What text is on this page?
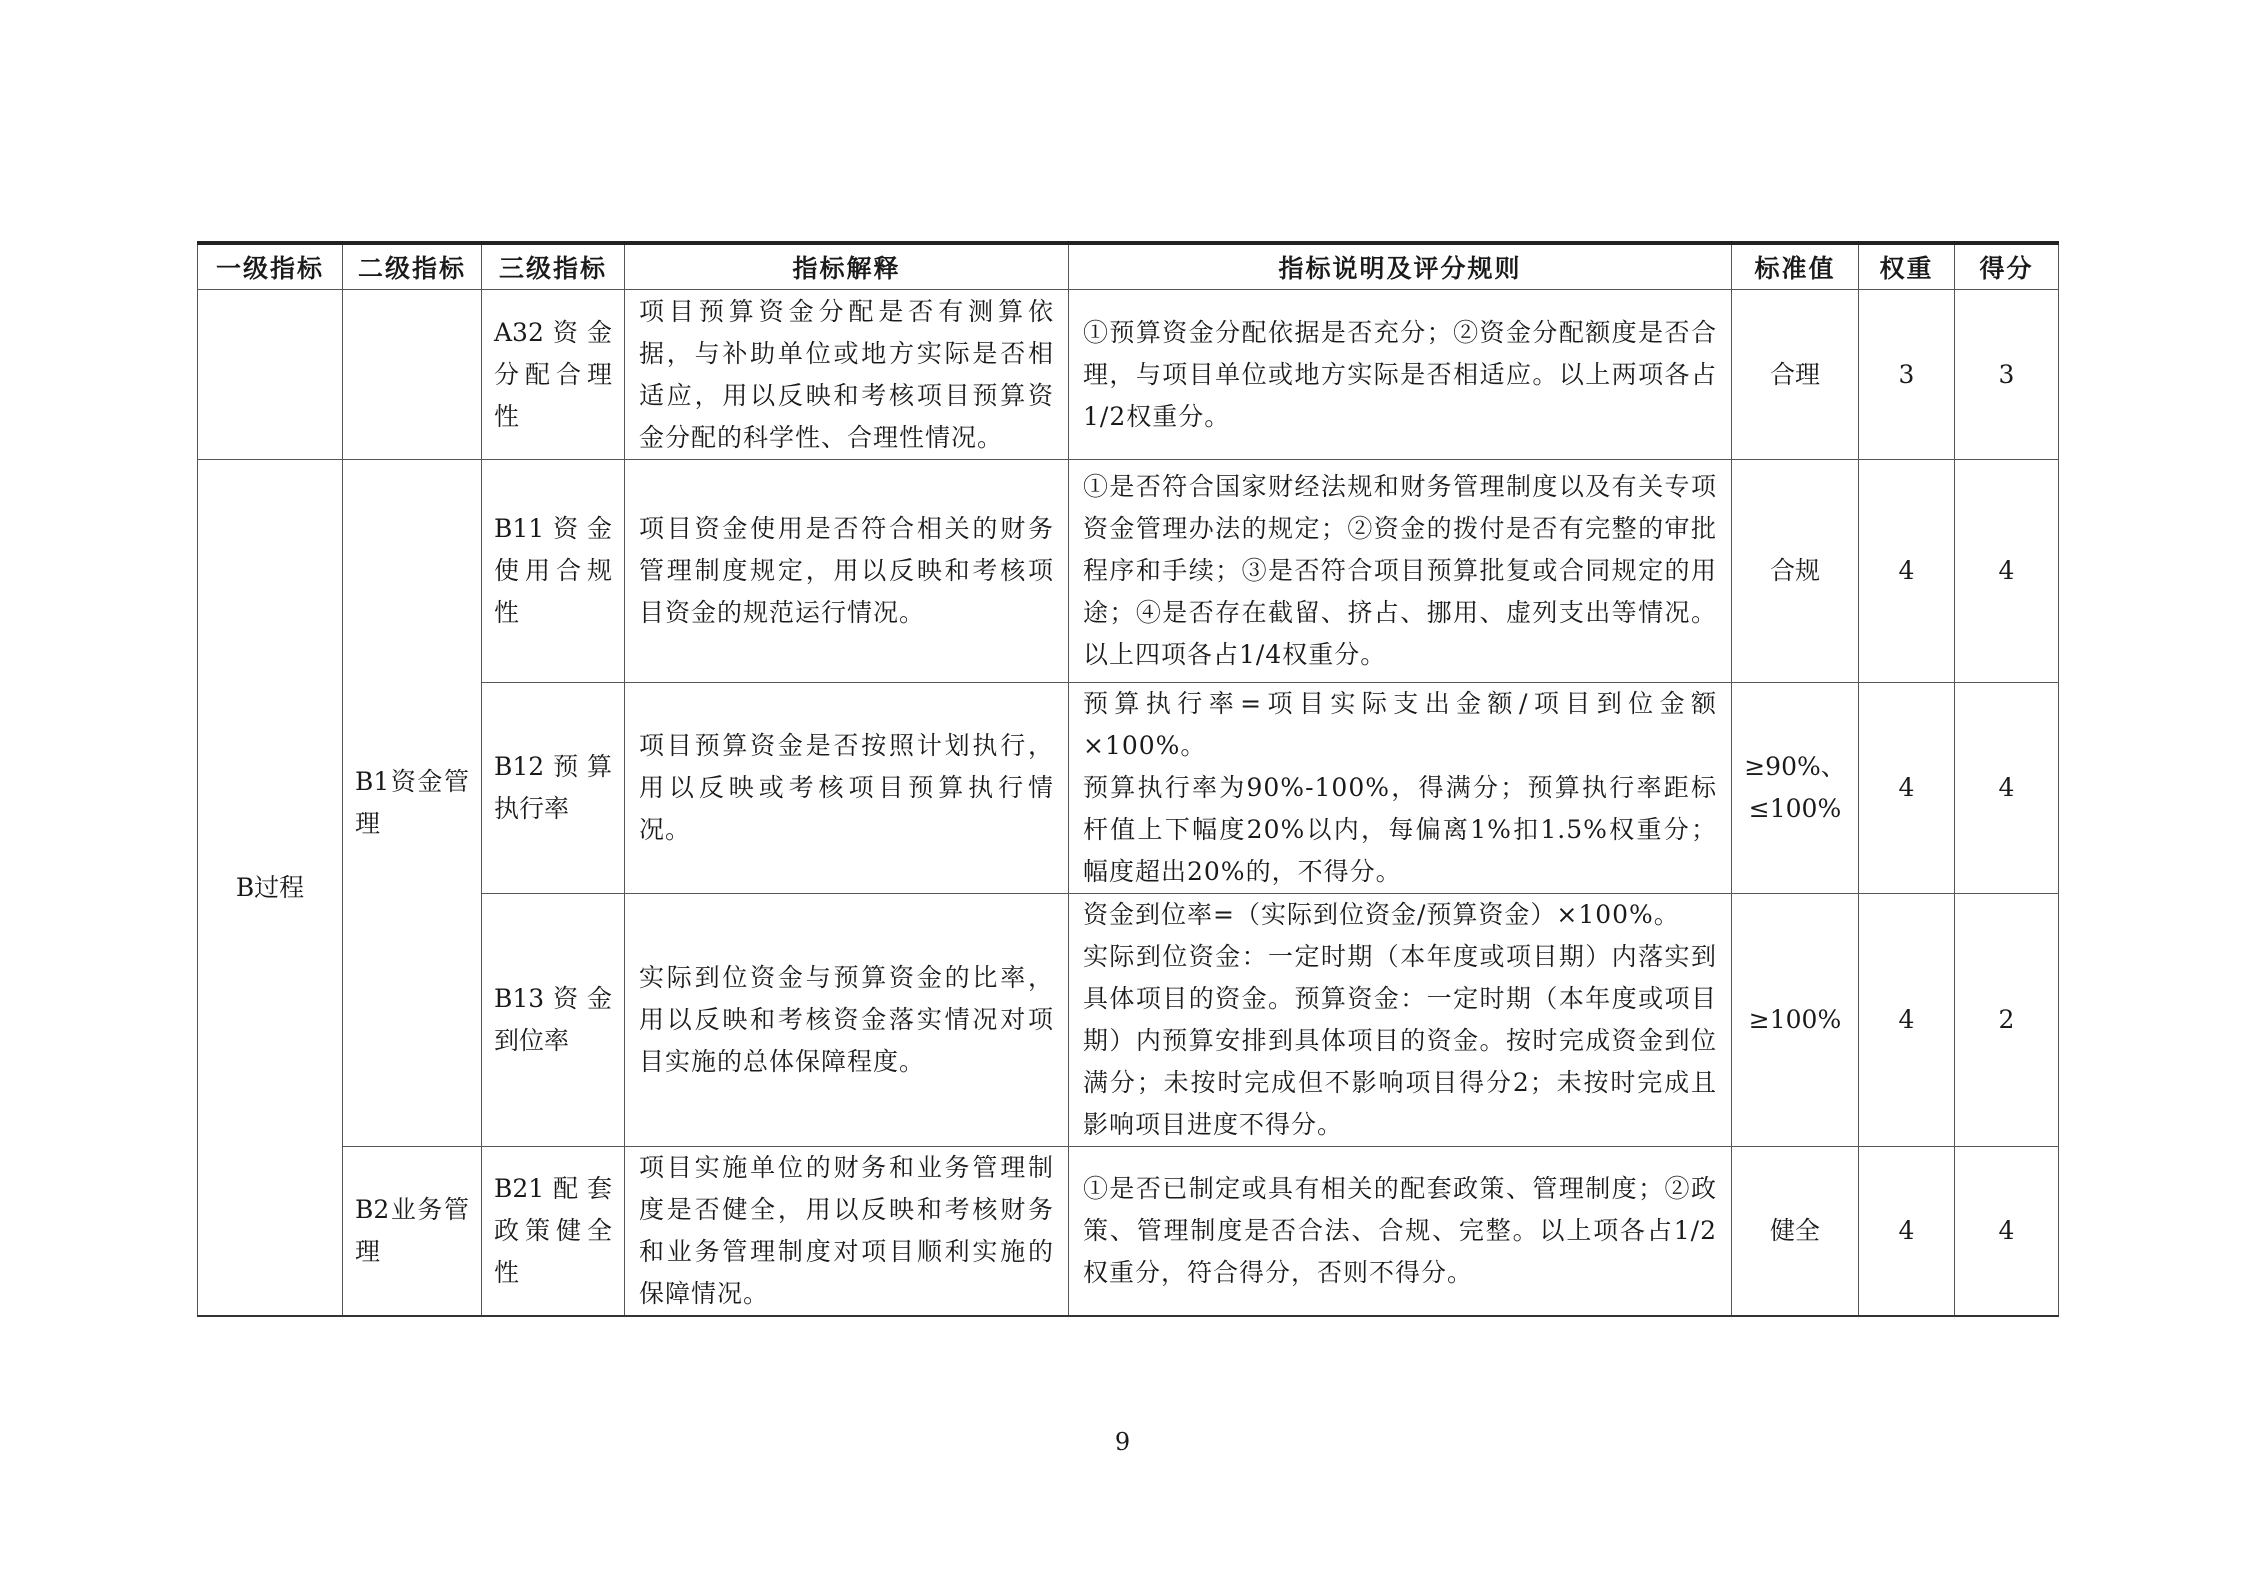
一级指标	二级指标	三级指标	指标解释	指标说明及评分规则	标准值	权重	得分
		A32资金分配合理性	项目预算资金分配是否有测算依据，与补助单位或地方实际是否相适应，用以反映和考核项目预算资金分配的科学性、合理性情况。	①预算资金分配依据是否充分；②资金分配额度是否合理，与项目单位或地方实际是否相适应。以上两项各占1/2权重分。	合理	3	3
B过程	B1资金管理	B11资金使用合规性	项目资金使用是否符合相关的财务管理制度规定，用以反映和考核项目资金的规范运行情况。	①是否符合国家财经法规和财务管理制度以及有关专项资金管理办法的规定；②资金的拨付是否有完整的审批程序和手续；③是否符合项目预算批复或合同规定的用途；④是否存在截留、挤占、挪用、虚列支出等情况。以上四项各占1/4权重分。	合规	4	4
		B12预算执行率	项目预算资金是否按照计划执行，用以反映或考核项目预算执行情况。	预算执行率=项目实际支出金额/项目到位金额×100%。
预算执行率为90%-100%，得满分；预算执行率距标杆值上下幅度20%以内，每偏离1%扣1.5%权重分；幅度超出20%的，不得分。	≥90%、≤100%	4	4
		B13资金到位率	实际到位资金与预算资金的比率，用以反映和考核资金落实情况对项目实施的总体保障程度。	资金到位率=（实际到位资金/预算资金）×100%。
实际到位资金：一定时期（本年度或项目期）内落实到具体项目的资金。预算资金：一定时期（本年度或项目期）内预算安排到具体项目的资金。按时完成资金到位满分；未按时完成但不影响项目得分2；未按时完成且影响项目进度不得分。	≥100%	4	2
	B2业务管理	B21配套政策健全性	项目实施单位的财务和业务管理制度是否健全，用以反映和考核财务和业务管理制度对项目顺利实施的保障情况。	①是否已制定或具有相关的配套政策、管理制度；②政策、管理制度是否合法、合规、完整。以上项各占1/2权重分，符合得分，否则不得分。	健全	4	4
9
